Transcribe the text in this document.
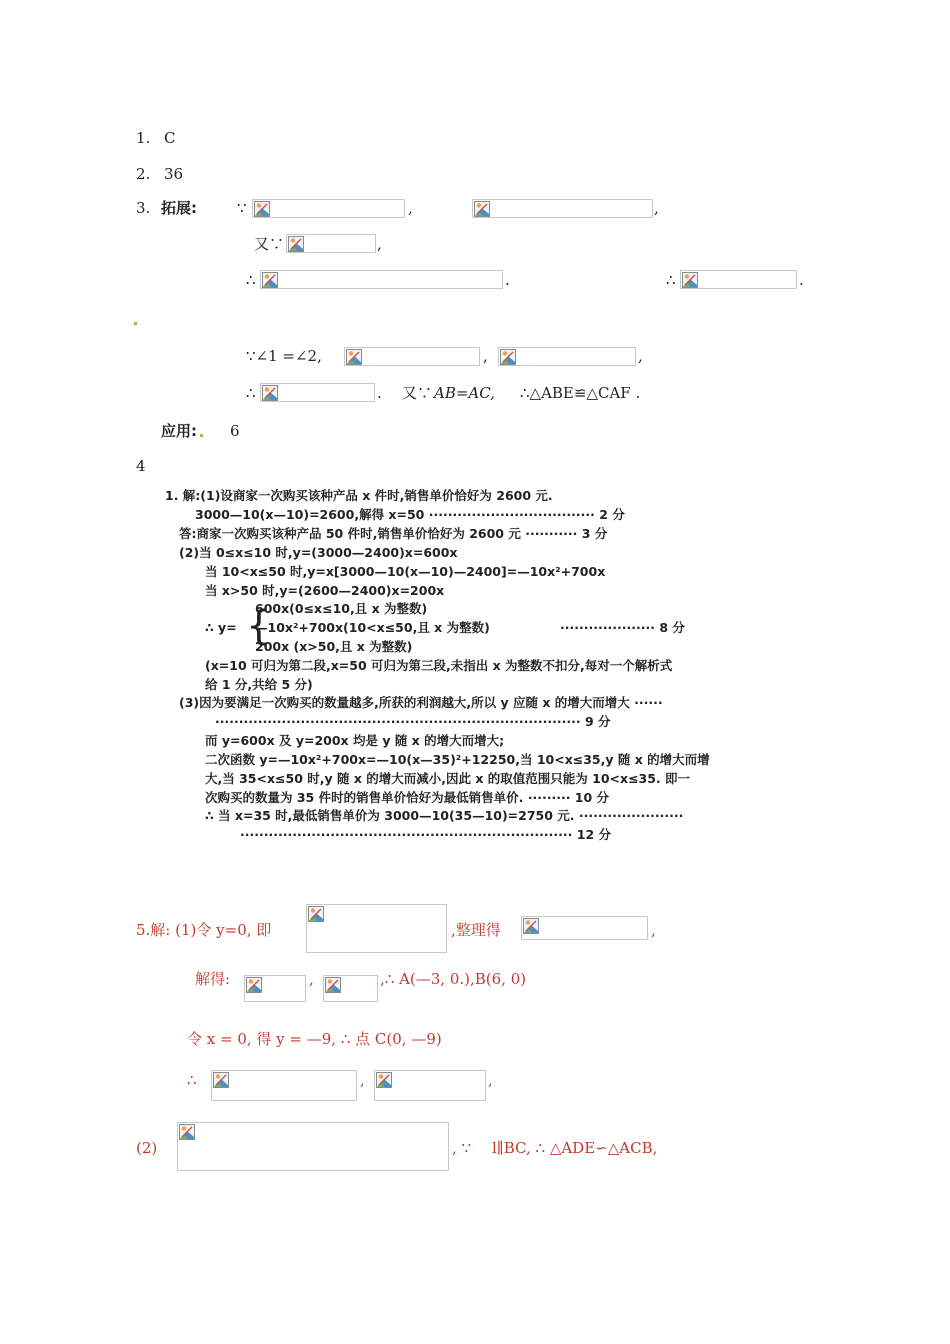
1. C
2. 36
3. 拓展:	∵	,	,
又∵	,
∴	.	∴	.
∵∠1 =∠2,	,	,
∴	. 又∵ AB=AC, ∴△ABE≌△CAF .
应用: 6
4
1. 解:(1)设商家一次购买该种产品 x 件时,销售单价恰好为 2600 元.
3000—10(x—10)=2600,解得 x=50 ··································· 2 分
答:商家一次购买该种产品 50 件时,销售单价恰好为 2600 元 ··········· 3 分
(2)当 0≤x≤10 时,y=(3000—2400)x=600x
当 10<x≤50 时,y=x[3000—10(x—10)—2400]=—10x²+700x
当 x>50 时,y=(2600—2400)x=200x
600x(0≤x≤10,且 x 为整数)
∴ y= {
—10x²+700x(10<x≤50,且 x 为整数)	···················· 8 分
200x (x>50,且 x 为整数)
(x=10 可归为第二段,x=50 可归为第三段,未指出 x 为整数不扣分,每对一个解析式
给 1 分,共给 5 分)
(3)因为要满足一次购买的数量越多,所获的利润越大,所以 y 应随 x 的增大而增大 ······
············································································· 9 分
而 y=600x 及 y=200x 均是 y 随 x 的增大而增大;
二次函数 y=—10x²+700x=—10(x—35)²+12250,当 10<x≤35,y 随 x 的增大而增
大,当 35<x≤50 时,y 随 x 的增大而减小,因此 x 的取值范围只能为 10<x≤35. 即一
次购买的数量为 35 件时的销售单价恰好为最低销售单价. ········· 10 分
∴ 当 x=35 时,最低销售单价为 3000—10(35—10)=2750 元. ······················
······································································ 12 分
5.解: (1)令 y=0, 即	,整理得	,
解得:	,	,∴ A(—3, 0.),B(6, 0)
令 x = 0, 得 y = —9, ∴ 点 C(0, —9)
∴	,	,
(2)	, ∵ l∥BC, ∴ △ADE∽△ACB,
